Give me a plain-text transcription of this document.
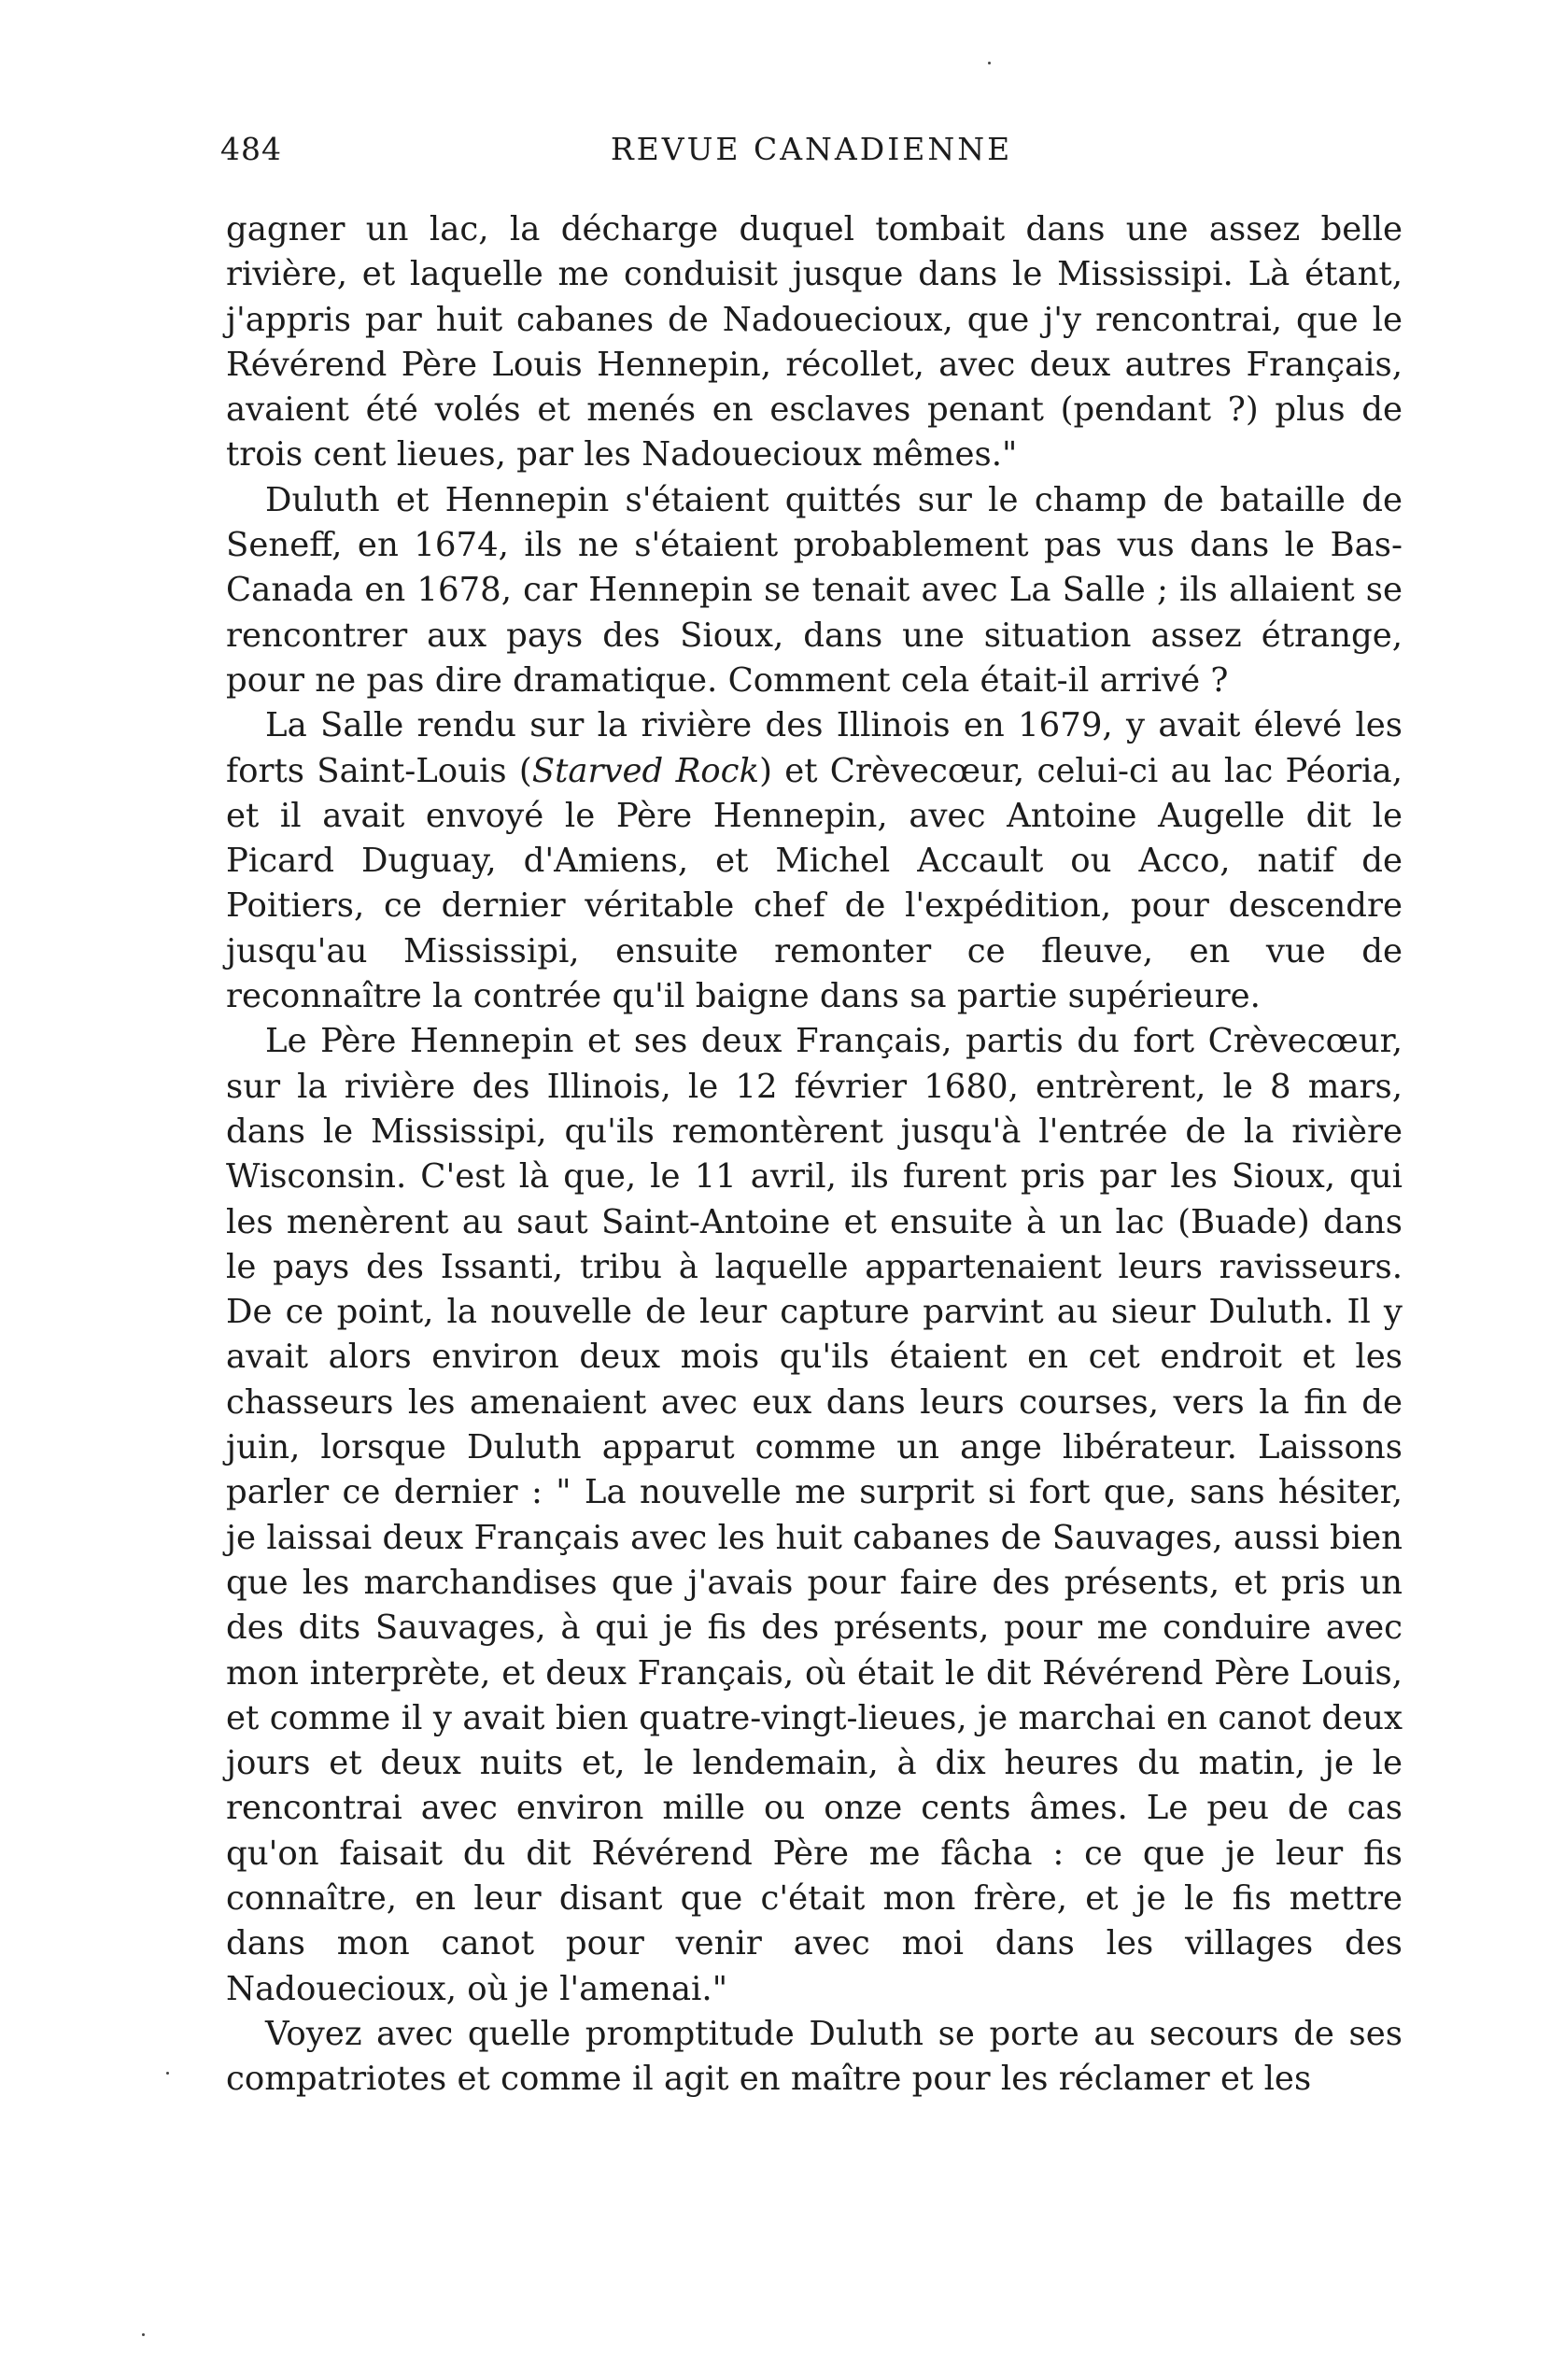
484	REVUE CANADIENNE

gagner un lac, la décharge duquel tombait dans une assez belle rivière, et laquelle me conduisit jusque dans le Mississipi. Là étant, j'appris par huit cabanes de Nadouecioux, que j'y rencontrai, que le Révérend Père Louis Hennepin, récollet, avec deux autres Français, avaient été volés et menés en esclaves penant (pendant ?) plus de trois cent lieues, par les Nadouecioux mêmes."

Duluth et Hennepin s'étaient quittés sur le champ de bataille de Seneff, en 1674, ils ne s'étaient probablement pas vus dans le Bas-Canada en 1678, car Hennepin se tenait avec La Salle ; ils allaient se rencontrer aux pays des Sioux, dans une situation assez étrange, pour ne pas dire dramatique. Comment cela était-il arrivé ?

La Salle rendu sur la rivière des Illinois en 1679, y avait élevé les forts Saint-Louis (Starved Rock) et Crèvecœur, celui-ci au lac Péoria, et il avait envoyé le Père Hennepin, avec Antoine Augelle dit le Picard Duguay, d'Amiens, et Michel Accault ou Acco, natif de Poitiers, ce dernier véritable chef de l'expédition, pour descendre jusqu'au Mississipi, ensuite remonter ce fleuve, en vue de reconnaître la contrée qu'il baigne dans sa partie supérieure.

Le Père Hennepin et ses deux Français, partis du fort Crèvecœur, sur la rivière des Illinois, le 12 février 1680, entrèrent, le 8 mars, dans le Mississipi, qu'ils remontèrent jusqu'à l'entrée de la rivière Wisconsin. C'est là que, le 11 avril, ils furent pris par les Sioux, qui les menèrent au saut Saint-Antoine et ensuite à un lac (Buade) dans le pays des Issanti, tribu à laquelle appartenaient leurs ravisseurs. De ce point, la nouvelle de leur capture parvint au sieur Duluth. Il y avait alors environ deux mois qu'ils étaient en cet endroit et les chasseurs les amenaient avec eux dans leurs courses, vers la fin de juin, lorsque Duluth apparut comme un ange libérateur. Laissons parler ce dernier : " La nouvelle me surprit si fort que, sans hésiter, je laissai deux Français avec les huit cabanes de Sauvages, aussi bien que les marchandises que j'avais pour faire des présents, et pris un des dits Sauvages, à qui je fis des présents, pour me conduire avec mon interprète, et deux Français, où était le dit Révérend Père Louis, et comme il y avait bien quatre-vingt-lieues, je marchai en canot deux jours et deux nuits et, le lendemain, à dix heures du matin, je le rencontrai avec environ mille ou onze cents âmes. Le peu de cas qu'on faisait du dit Révérend Père me fâcha : ce que je leur fis connaître, en leur disant que c'était mon frère, et je le fis mettre dans mon canot pour venir avec moi dans les villages des Nadouecioux, où je l'amenai."

Voyez avec quelle promptitude Duluth se porte au secours de ses compatriotes et comme il agit en maître pour les réclamer et les
